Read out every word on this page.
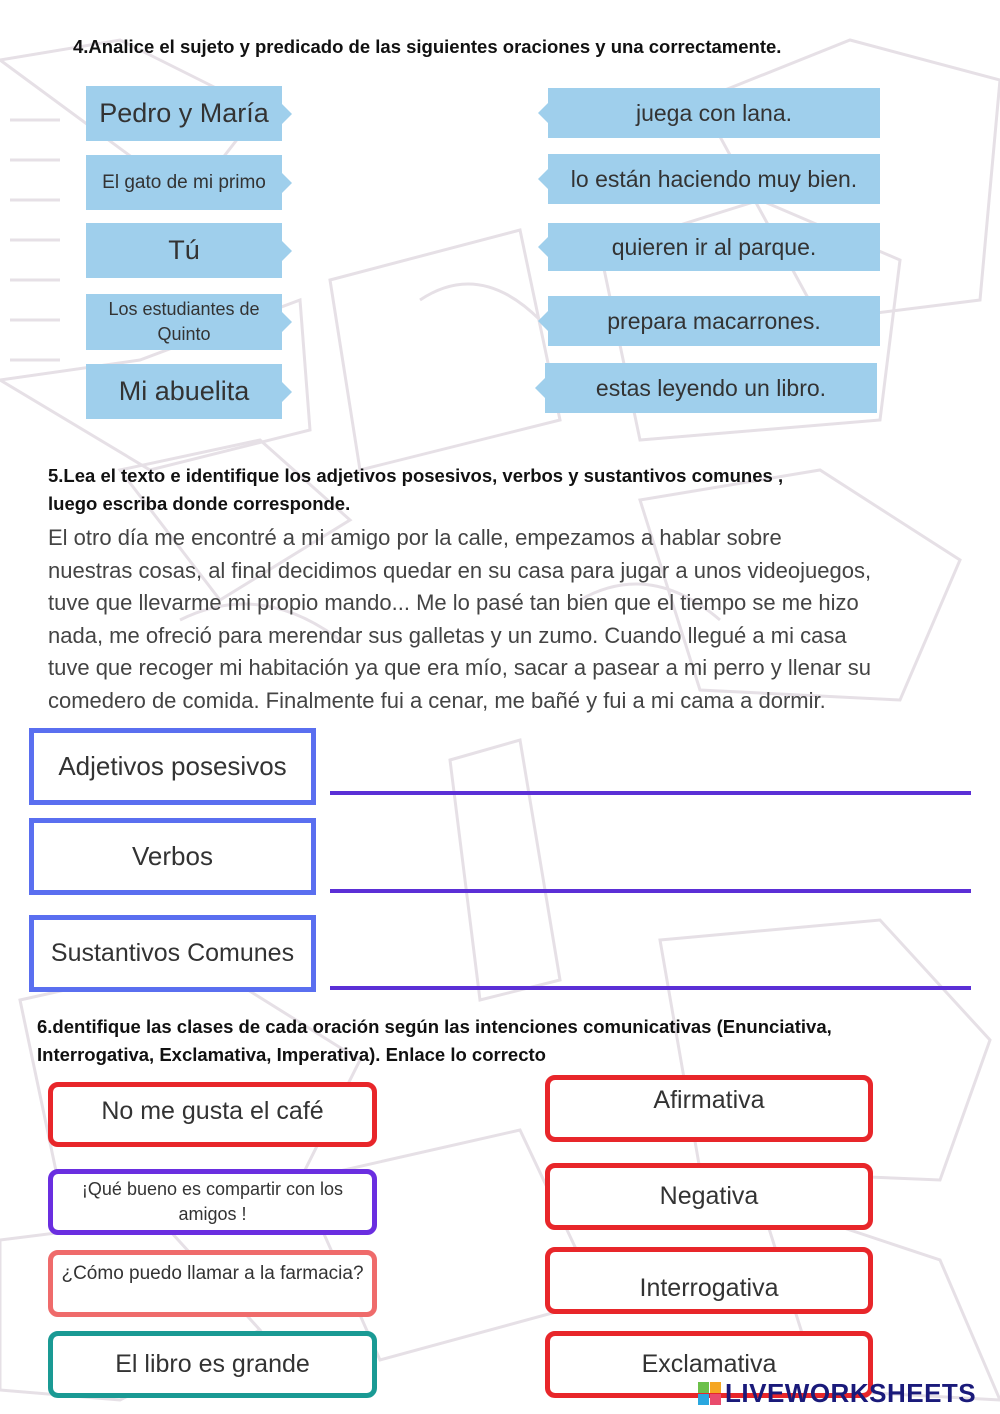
4.Analice el sujeto y predicado de las siguientes oraciones y una correctamente.
Pedro y María
El gato de mi primo
Tú
Los estudiantes de Quinto
Mi abuelita
juega con lana.
lo están haciendo muy bien.
quieren ir al parque.
prepara macarrones.
estas leyendo un libro.
5.Lea el texto e identifique los adjetivos posesivos, verbos y sustantivos comunes ,
luego escriba donde corresponde.
El otro día me encontré a mi amigo por la calle, empezamos a hablar sobre
nuestras cosas, al final decidimos quedar en su casa para jugar a unos videojuegos,
tuve que llevarme mi propio mando... Me lo pasé tan bien que el tiempo se me hizo
nada, me ofreció para merendar sus galletas y un zumo. Cuando llegué a mi casa
tuve que recoger mi habitación ya que era mío, sacar a pasear a mi perro y llenar su
comedero de comida. Finalmente fui a cenar, me bañé y fui a mi cama a dormir.
Adjetivos posesivos
Verbos
Sustantivos Comunes
6.dentifique las clases de cada oración según las intenciones comunicativas (Enunciativa,
Interrogativa, Exclamativa, Imperativa). Enlace lo correcto
No me gusta el café
¡Qué bueno es compartir con los amigos !
¿Cómo puedo llamar a la farmacia?
El libro es grande
Afirmativa
Negativa
Interrogativa
Exclamativa
LIVEWORKSHEETS
